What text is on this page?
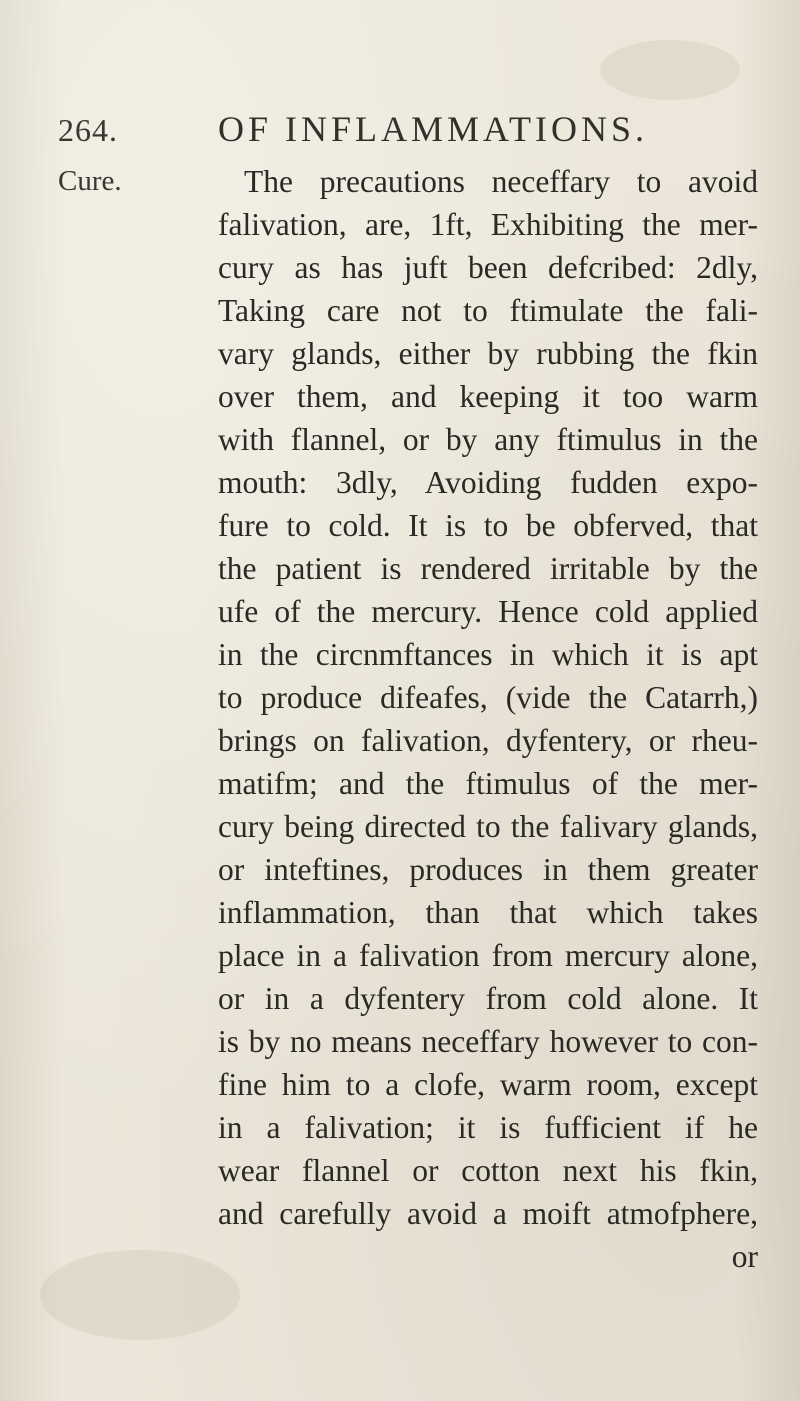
264.	OF INFLAMMATIONS.
Cure.	The precautions neceffary to avoid
falivation, are, 1ft, Exhibiting the mer-
cury as has juft been defcribed: 2dly,
Taking care not to ftimulate the fali-
vary glands, either by rubbing the fkin
over them, and keeping it too warm
with flannel, or by any ftimulus in the
mouth: 3dly, Avoiding fudden expo-
fure to cold. It is to be obferved, that
the patient is rendered irritable by the
ufe of the mercury. Hence cold applied
in the circnmftances in which it is apt
to produce difeafes, (vide the Catarrh,)
brings on falivation, dyfentery, or rheu-
matifm; and the ftimulus of the mer-
cury being directed to the falivary glands,
or inteftines, produces in them greater
inflammation, than that which takes
place in a falivation from mercury alone,
or in a dyfentery from cold alone. It
is by no means neceffary however to con-
fine him to a clofe, warm room, except
in a falivation; it is fufficient if he
wear flannel or cotton next his fkin,
and carefully avoid a moift atmofphere,
or
